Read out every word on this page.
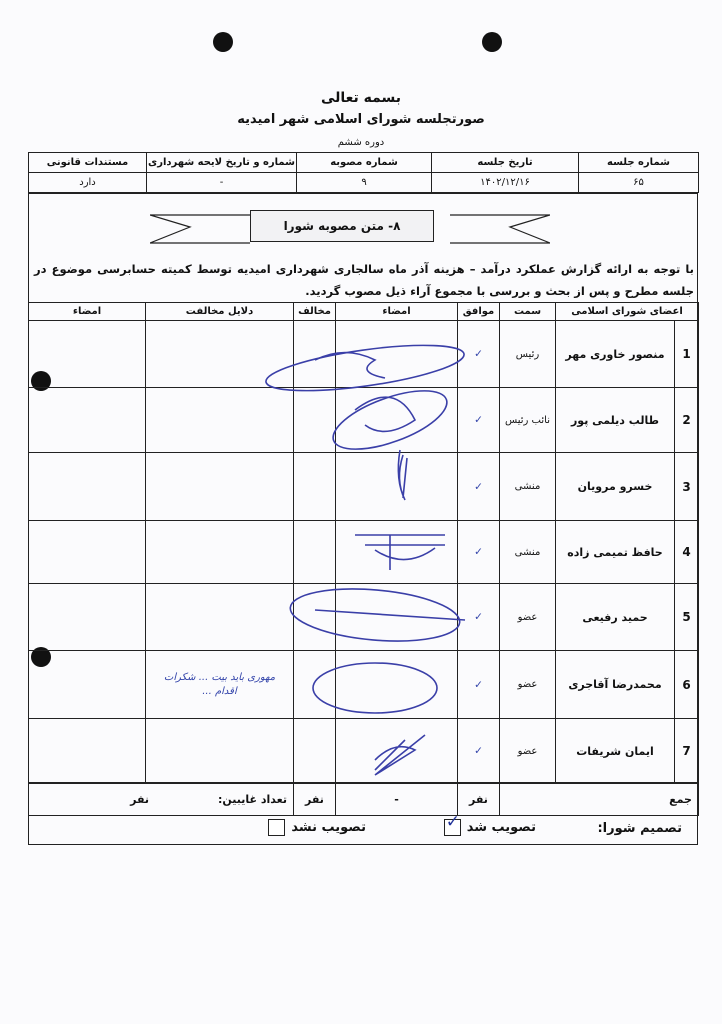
بسمه تعالی
صورتجلسه شورای اسلامی شهر امیدیه
دوره ششم
شماره جلسه	تاریخ جلسه	شماره مصوبه	شماره و تاریخ لایحه شهرداری	مستندات قانونی
۶۵	۱۴۰۲/۱۲/۱۶	۹	-	دارد
۸- متن مصوبه شورا
با توجه به ارائه گزارش عملکرد درآمد – هزینه آذر ماه سالجاری شهرداری امیدیه توسط کمیته حسابرسی موضوع در جلسه مطرح و پس از بحث و بررسی با مجموع آراء ذیل مصوب گردید.
اعضای شورای اسلامی		سمت	موافق	امضاء	مخالف	دلایل مخالفت	امضاء
1	منصور خاوری مهر	رئیس	✓				
2	طالب دیلمی پور	نائب رئیس	✓				
3	خسرو مرویان	منشی	✓				
4	حافظ تمیمی زاده	منشی	✓				
5	حمید رفیعی	عضو	✓				
6	محمدرضا آقاجری	عضو	✓			مهوری باید بیت ... شکرات اقدام ...	
7	ایمان شریفات	عضو	✓				
جمع	نفر	-	نفر	تعداد غایبین:                  نفر
تصمیم شورا:
تصویب شد
✓
تصویب نشد
